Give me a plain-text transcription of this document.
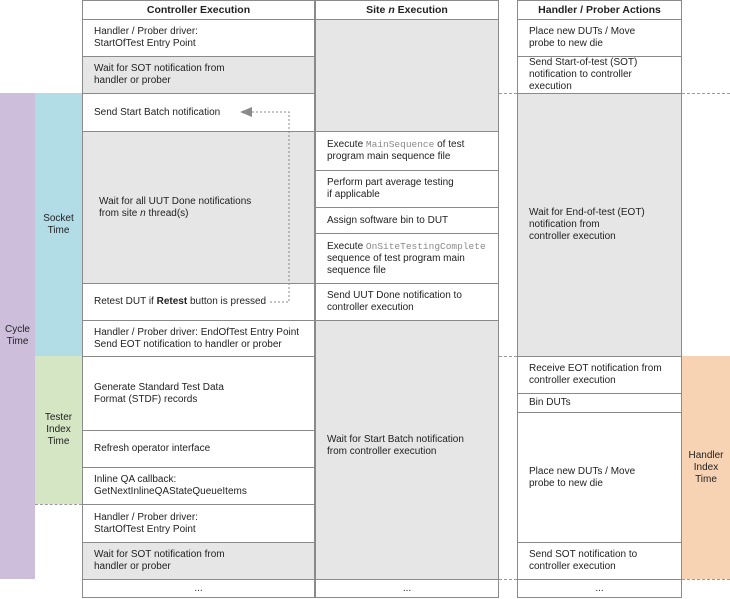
Cycle
Time
Socket
Time
Tester
Index
Time
Handler
Index
Time
Controller Execution	Site n Execution	Handler / Prober Actions
Handler / Prober driver:
StartOfTest Entry Point
Wait for SOT notification from
handler or prober
Send Start Batch notification
Wait for all UUT Done notifications
from site n thread(s)
Retest DUT if Retest button is pressed
Handler / Prober driver: EndOfTest Entry Point
Send EOT notification to handler or prober
Generate Standard Test Data
Format (STDF) records
Refresh operator interface
Inline QA callback:
GetNextInlineQAStateQueueItems
Handler / Prober driver:
StartOfTest Entry Point
Wait for SOT notification from
handler or prober
...
Execute MainSequence of test
program main sequence file
Perform part average testing
if applicable
Assign software bin to DUT
Execute OnSiteTestingComplete
sequence of test program main
sequence file
Send UUT Done notification to
controller execution
Wait for Start Batch notification
from controller execution
...
Place new DUTs / Move
probe to new die
Send Start-of-test (SOT)
notification to controller execution
Wait for End-of-test (EOT)
notification from
controller execution
Receive EOT notification from
controller execution
Bin DUTs
Place new DUTs / Move
probe to new die
Send SOT notification to
controller execution
...
